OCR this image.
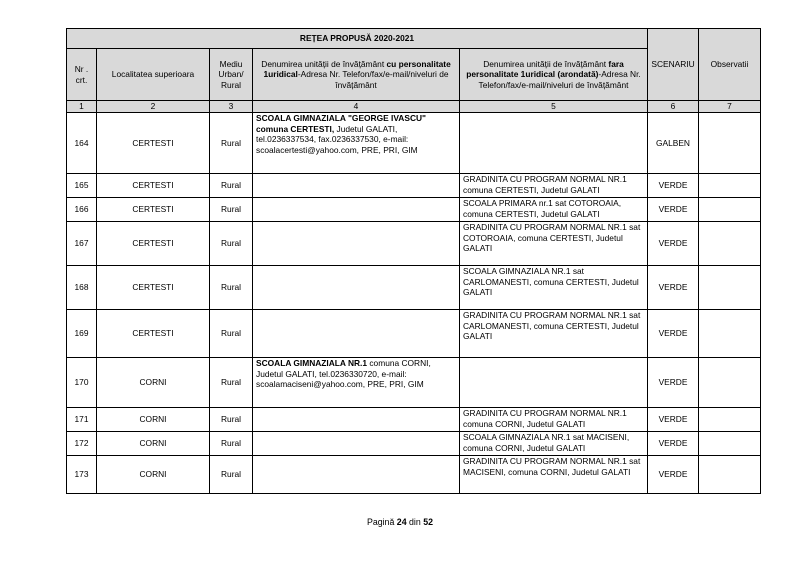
REȚEA PROPUSĂ 2020-2021					SCENARIU	Observatii
Nr . crt.	Localitatea superioara	Mediu Urban/ Rural	Denumirea unității de învățământ cu personalitate 1uridical-Adresa Nr. Telefon/fax/e-mail/niveluri de învățământ	Denumirea unității de învățământ fara personalitate 1uridical (arondată)-Adresa Nr. Telefon/fax/e-mail/niveluri de învățământ		
1	2	3	4	5	6	7
164	CERTESTI	Rural	SCOALA GIMNAZIALA "GEORGE IVASCU" comuna CERTESTI, Judetul GALATI, tel.0236337534, fax.0236337530, e-mail: scoalacertesti@yahoo.com, PRE, PRI, GIM		GALBEN	
165	CERTESTI	Rural		GRADINITA CU PROGRAM NORMAL NR.1 comuna CERTESTI, Judetul GALATI	VERDE	
166	CERTESTI	Rural		SCOALA PRIMARA nr.1 sat COTOROAIA, comuna CERTESTI, Judetul GALATI	VERDE	
167	CERTESTI	Rural		GRADINITA CU PROGRAM NORMAL NR.1 sat COTOROAIA, comuna CERTESTI, Judetul GALATI	VERDE	
168	CERTESTI	Rural		SCOALA GIMNAZIALA NR.1 sat CARLOMANESTI, comuna CERTESTI, Judetul GALATI	VERDE	
169	CERTESTI	Rural		GRADINITA CU PROGRAM NORMAL NR.1 sat CARLOMANESTI, comuna CERTESTI, Judetul GALATI	VERDE	
170	CORNI	Rural	SCOALA GIMNAZIALA NR.1 comuna CORNI, Judetul GALATI, tel.0236330720, e-mail: scoalamaciseni@yahoo.com, PRE, PRI, GIM		VERDE	
171	CORNI	Rural		GRADINITA CU PROGRAM NORMAL NR.1 comuna CORNI, Judetul GALATI	VERDE	
172	CORNI	Rural		SCOALA GIMNAZIALA NR.1 sat MACISENI, comuna CORNI, Judetul GALATI	VERDE	
173	CORNI	Rural		GRADINITA CU PROGRAM NORMAL NR.1 sat MACISENI, comuna CORNI, Judetul GALATI	VERDE	
Pagină 24 din 52
